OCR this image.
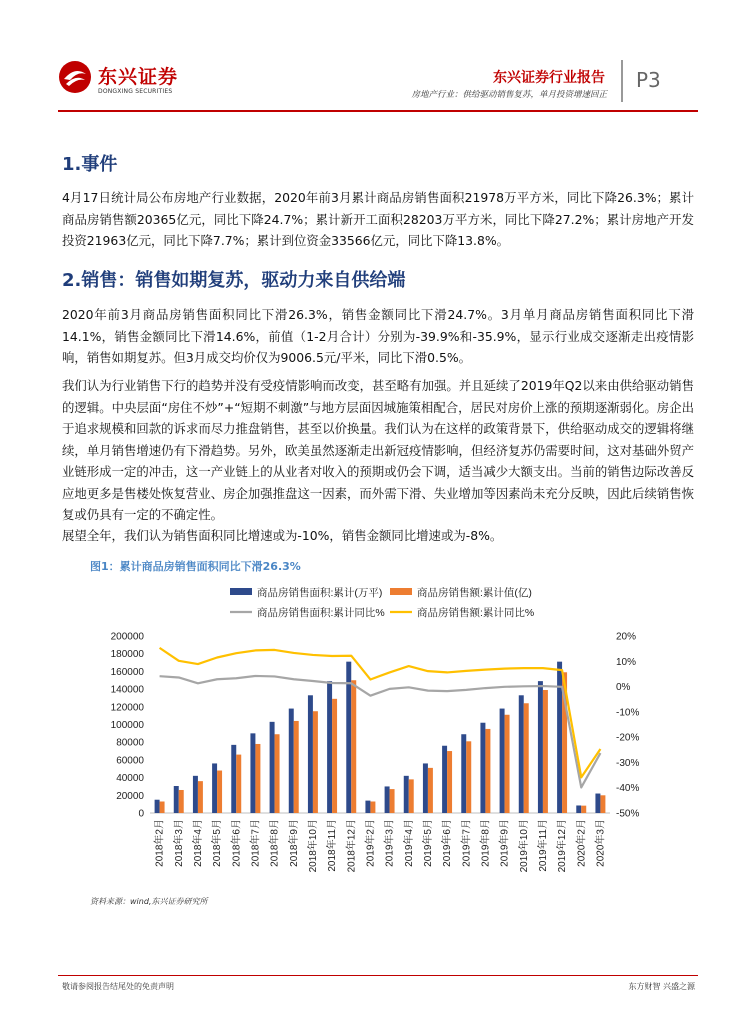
东兴证券
DONGXING SECURITIES
东兴证券行业报告
房地产行业：供给驱动销售复苏，单月投资增速回正
P3
1.事件
4月17日统计局公布房地产行业数据，2020年前3月累计商品房销售面积21978万平方米，同比下降26.3%；累计商品房销售额20365亿元，同比下降24.7%；累计新开工面积28203万平方米，同比下降27.2%；累计房地产开发投资21963亿元，同比下降7.7%；累计到位资金33566亿元，同比下降13.8%。
2.销售：销售如期复苏，驱动力来自供给端
2020年前3月商品房销售面积同比下滑26.3%，销售金额同比下滑24.7%。3月单月商品房销售面积同比下滑14.1%，销售金额同比下滑14.6%，前值（1-2月合计）分别为-39.9%和-35.9%，显示行业成交逐渐走出疫情影响，销售如期复苏。但3月成交均价仅为9006.5元/平米，同比下滑0.5%。
我们认为行业销售下行的趋势并没有受疫情影响而改变，甚至略有加强。并且延续了2019年Q2以来由供给驱动销售的逻辑。中央层面“房住不炒”+“短期不刺激”与地方层面因城施策相配合，居民对房价上涨的预期逐渐弱化。房企出于追求规模和回款的诉求而尽力推盘销售，甚至以价换量。我们认为在这样的政策背景下，供给驱动成交的逻辑将继续，单月销售增速仍有下滑趋势。另外，欧美虽然逐渐走出新冠疫情影响，但经济复苏仍需要时间，这对基础外贸产业链形成一定的冲击，这一产业链上的从业者对收入的预期或仍会下调，适当减少大额支出。当前的销售边际改善反应地更多是售楼处恢复营业、房企加强推盘这一因素，而外需下滑、失业增加等因素尚未充分反映，因此后续销售恢复或仍具有一定的不确定性。
展望全年，我们认为销售面积同比增速或为-10%，销售金额同比增速或为-8%。
图1：累计商品房销售面积同比下滑26.3%
商品房销售面积:累计(万平)	商品房销售额:累计值(亿)
商品房销售面积:累计同比%	商品房销售额:累计同比%
0
20000
40000
60000
80000
100000
120000
140000
160000
180000
200000
-50%
-40%
-30%
-20%
-10%
0%
10%
20%
2018年2月 2018年3月 2018年4月 2018年5月 2018年6月 2018年7月 2018年8月 2018年9月 2018年10月 2018年11月 2018年12月 2019年2月 2019年3月 2019年4月 2019年5月 2019年6月 2019年7月 2019年8月 2019年9月 2019年10月 2019年11月 2019年12月 2020年2月 2020年3月
资料来源：wind,东兴证券研究所
敬请参阅报告结尾处的免责声明	东方财智 兴盛之源
